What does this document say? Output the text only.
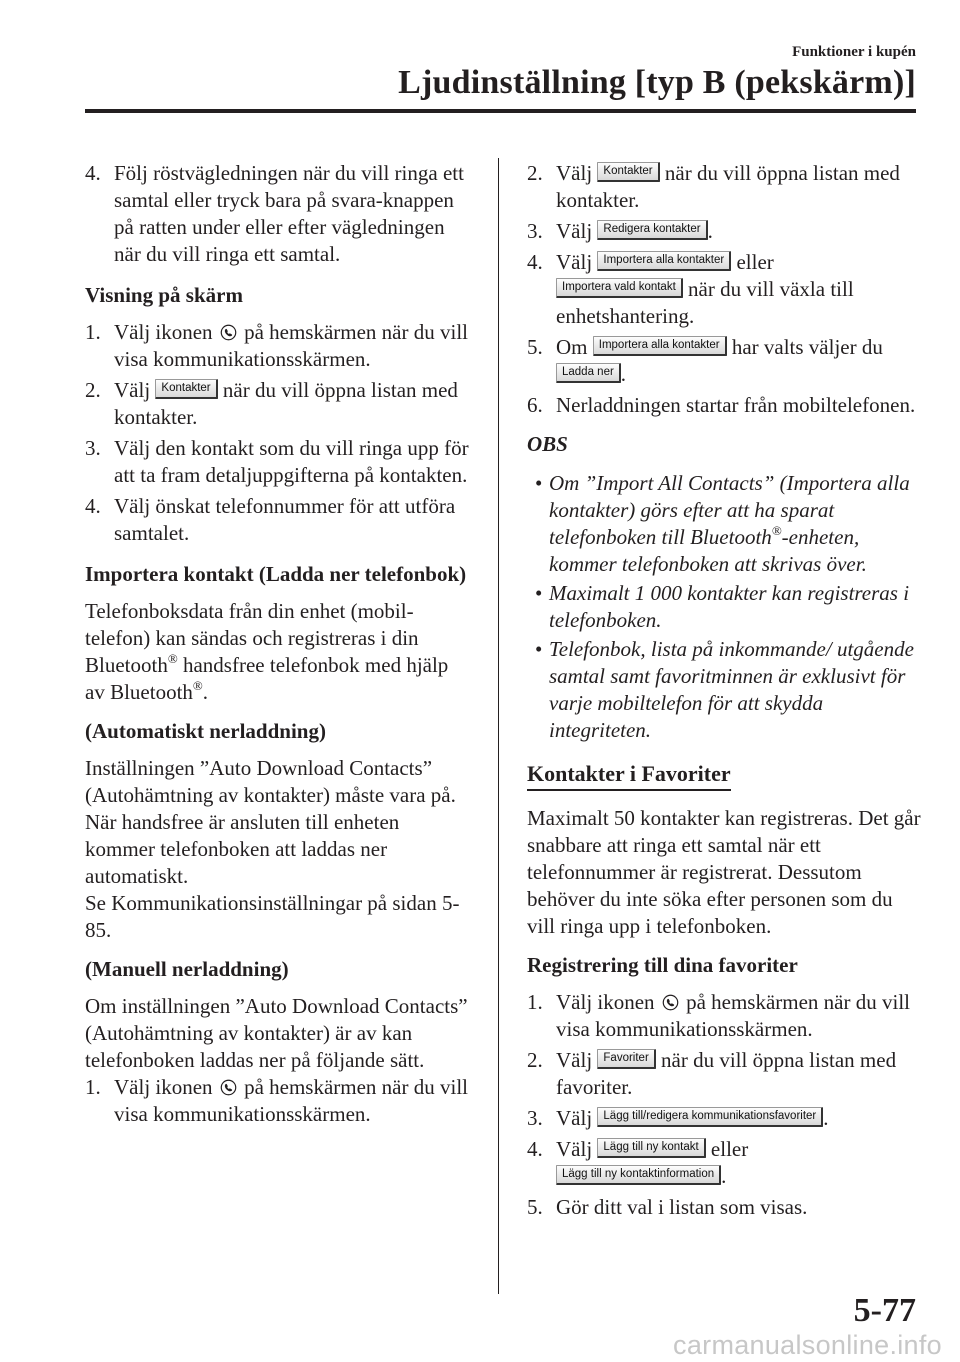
Funktioner i kupén
Ljudinställning [typ B (pekskärm)]
4. Följ röstvägledningen när du vill ringa ett samtal eller tryck bara på svara-knappen på ratten under eller efter vägledningen när du vill ringa ett samtal.
Visning på skärm
1. Välj ikonen på hemskärmen när du vill visa kommunikationsskärmen.
2. Välj Kontakter när du vill öppna listan med kontakter.
3. Välj den kontakt som du vill ringa upp för att ta fram detaljuppgifterna på kontakten.
4. Välj önskat telefonnummer för att utföra samtalet.
Importera kontakt (Ladda ner telefonbok)
Telefonboksdata från din enhet (mobil-telefon) kan sändas och registreras i din Bluetooth® handsfree telefonbok med hjälp av Bluetooth®.
(Automatiskt nerladdning)
Inställningen ”Auto Download Contacts” (Autohämtning av kontakter) måste vara på. När handsfree är ansluten till enheten kommer telefonboken att laddas ner automatiskt.
Se Kommunikationsinställningar på sidan 5-85.
(Manuell nerladdning)
Om inställningen ”Auto Download Contacts” (Autohämtning av kontakter) är av kan telefonboken laddas ner på följande sätt.
1. Välj ikonen på hemskärmen när du vill visa kommunikationsskärmen.
2. Välj Kontakter när du vill öppna listan med kontakter.
3. Välj Redigera kontakter .
4. Välj Importera alla kontakter eller
Importera vald kontakt när du vill växla till enhetshantering.
5. Om Importera alla kontakter har valts väljer du
Ladda ner .
6. Nerladdningen startar från mobiltelefonen.
OBS
• Om ”Import All Contacts” (Importera alla kontakter) görs efter att ha sparat telefonboken till Bluetooth®-enheten, kommer telefonboken att skrivas över.
• Maximalt 1 000 kontakter kan registreras i telefonboken.
• Telefonbok, lista på inkommande/ utgående samtal samt favoritminnen är exklusivt för varje mobiltelefon för att skydda integriteten.
Kontakter i Favoriter
Maximalt 50 kontakter kan registreras. Det går snabbare att ringa ett samtal när ett telefonnummer är registrerat. Dessutom behöver du inte söka efter personen som du vill ringa upp i telefonboken.
Registrering till dina favoriter
1. Välj ikonen på hemskärmen när du vill visa kommunikationsskärmen.
2. Välj Favoriter när du vill öppna listan med favoriter.
3. Välj Lägg till/redigera kommunikationsfavoriter .
4. Välj Lägg till ny kontakt eller
Lägg till ny kontaktinformation .
5. Gör ditt val i listan som visas.
5-77
carmanualsonline.info
